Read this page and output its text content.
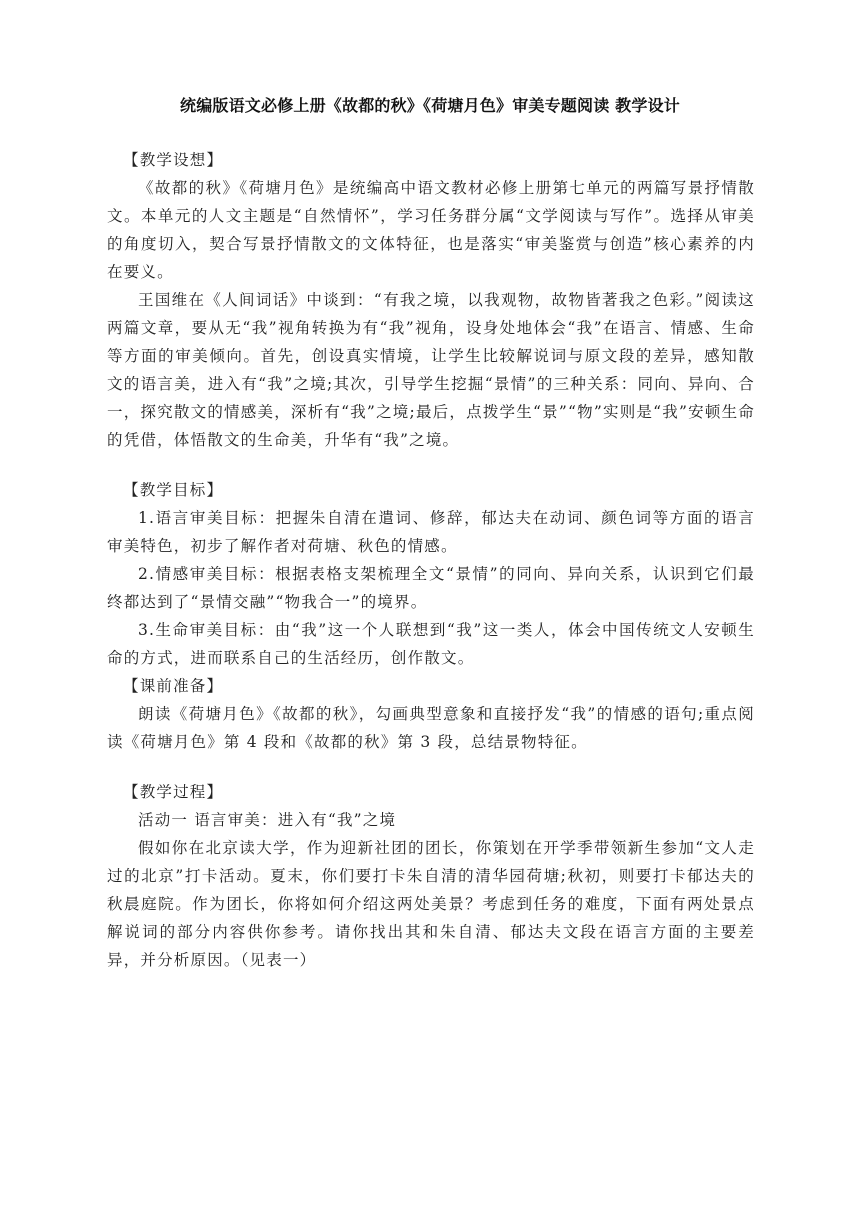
统编版语文必修上册《故都的秋》《荷塘月色》审美专题阅读 教学设计
【教学设想】

《故都的秋》《荷塘月色》是统编高中语文教材必修上册第七单元的两篇写景抒情散文。本单元的人文主题是“自然情怀”，学习任务群分属“文学阅读与写作”。选择从审美的角度切入，契合写景抒情散文的文体特征，也是落实“审美鉴赏与创造”核心素养的内在要义。

王国维在《人间词话》中谈到：“有我之境，以我观物，故物皆著我之色彩。”阅读这两篇文章，要从无“我”视角转换为有“我”视角，设身处地体会“我”在语言、情感、生命等方面的审美倾向。首先，创设真实情境，让学生比较解说词与原文段的差异，感知散文的语言美，进入有“我”之境;其次，引导学生挖掘“景情”的三种关系：同向、异向、合一，探究散文的情感美，深析有“我”之境;最后，点拨学生“景”“物”实则是“我”安顿生命的凭借，体悟散文的生命美，升华有“我”之境。

【教学目标】

1.语言审美目标：把握朱自清在遣词、修辞，郁达夫在动词、颜色词等方面的语言审美特色，初步了解作者对荷塘、秋色的情感。

2.情感审美目标：根据表格支架梳理全文“景情”的同向、异向关系，认识到它们最终都达到了“景情交融”“物我合一”的境界。

3.生命审美目标：由“我”这一个人联想到“我”这一类人，体会中国传统文人安顿生命的方式，进而联系自己的生活经历，创作散文。

【课前准备】

朗读《荷塘月色》《故都的秋》，勾画典型意象和直接抒发“我”的情感的语句;重点阅读《荷塘月色》第 4 段和《故都的秋》第 3 段，总结景物特征。

【教学过程】
活动一 语言审美：进入有“我”之境

假如你在北京读大学，作为迎新社团的团长，你策划在开学季带领新生参加“文人走过的北京”打卡活动。夏末，你们要打卡朱自清的清华园荷塘;秋初，则要打卡郁达夫的秋晨庭院。作为团长，你将如何介绍这两处美景？考虑到任务的难度，下面有两处景点解说词的部分内容供你参考。请你找出其和朱自清、郁达夫文段在语言方面的主要差异，并分析原因。（见表一）
